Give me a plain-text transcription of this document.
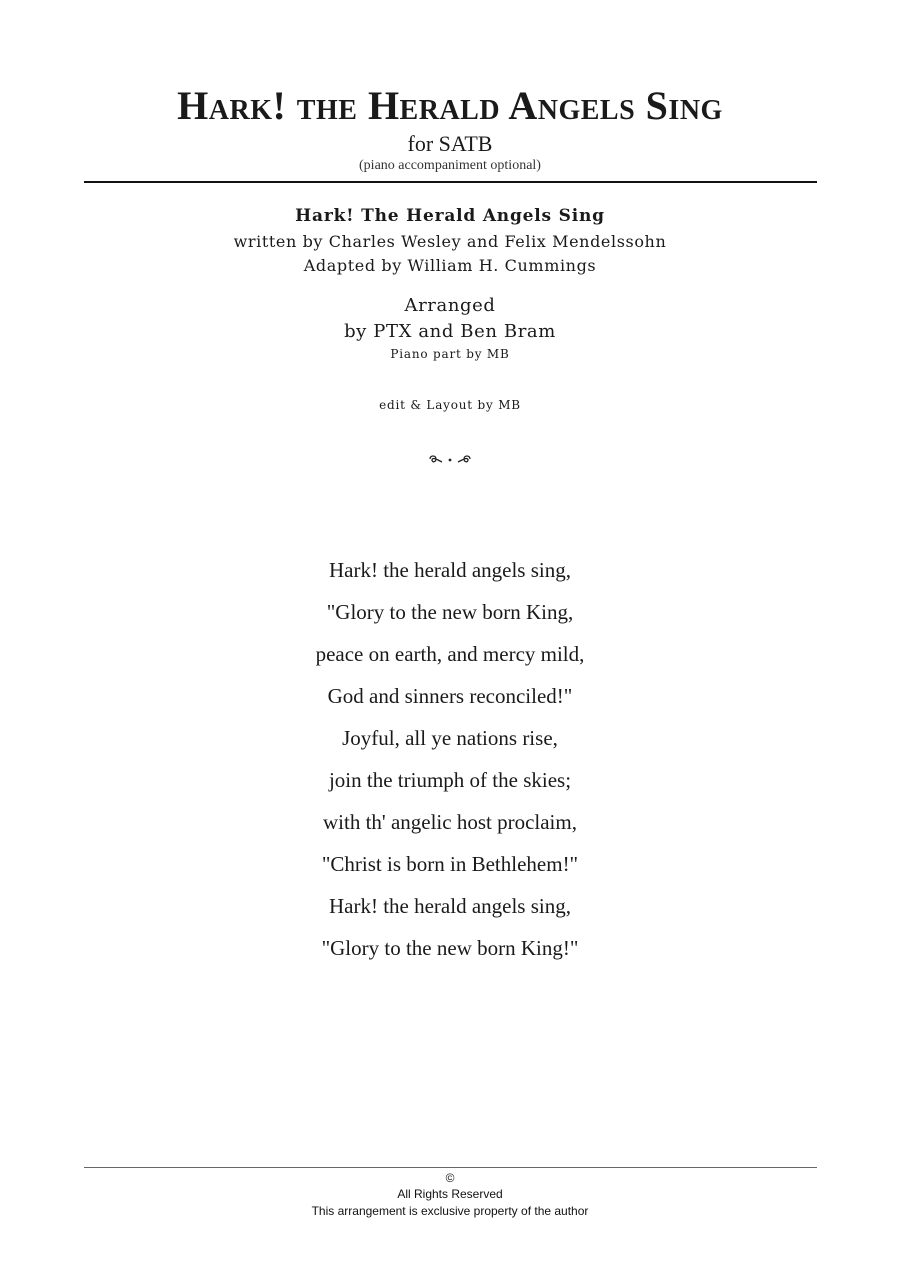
Hark! the Herald Angels Sing
for SATB
(piano accompaniment optional)
Hark! The Herald Angels Sing
written by Charles Wesley and Felix Mendelssohn
Adapted by William H. Cummings
Arranged
by PTX and Ben Bram
Piano part by MB
edit & Layout by MB
Hark! the herald angels sing,
"Glory to the new born King,
peace on earth, and mercy mild,
God and sinners reconciled!"
Joyful, all ye nations rise,
join the triumph of the skies;
with th' angelic host proclaim,
"Christ is born in Bethlehem!"
Hark! the herald angels sing,
"Glory to the new born King!"
©
All Rights Reserved
This arrangement is exclusive property of the author
